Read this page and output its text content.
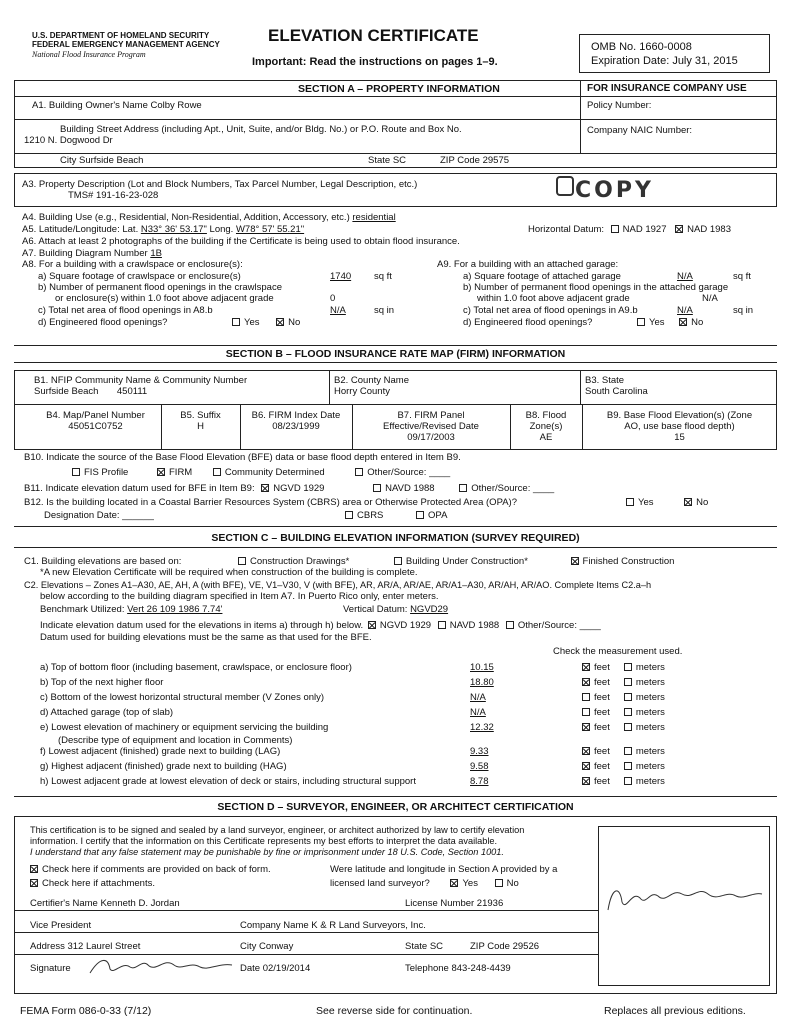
U.S. DEPARTMENT OF HOMELAND SECURITY
FEDERAL EMERGENCY MANAGEMENT AGENCY
National Flood Insurance Program
ELEVATION CERTIFICATE
Important: Read the instructions on pages 1–9.
OMB No. 1660-0008
Expiration Date: July 31, 2015
SECTION A – PROPERTY INFORMATION	FOR INSURANCE COMPANY USE
Policy Number:
Company NAIC Number:
A1. Building Owner's Name Colby Rowe
Building Street Address (including Apt., Unit, Suite, and/or Bldg. No.) or P.O. Route and Box No.
1210 N. Dogwood Dr
City Surfside Beach	State SC	ZIP Code 29575
A3. Property Description (Lot and Block Numbers, Tax Parcel Number, Legal Description, etc.)
TMS# 191-16-23-028	COPY
A4. Building Use (e.g., Residential, Non-Residential, Addition, Accessory, etc.) residential
A5. Latitude/Longitude: Lat. N33° 36' 53.17" Long. W78° 57' 55.21"	Horizontal Datum: NAD 1927 NAD 1983
A6. Attach at least 2 photographs of the building if the Certificate is being used to obtain flood insurance.
A7. Building Diagram Number 1B
A8. For a building with a crawlspace or enclosure(s):
a) Square footage of crawlspace or enclosure(s)	1740 sq ft
b) Number of permanent flood openings in the crawlspace
or enclosure(s) within 1.0 foot above adjacent grade	0
c) Total net area of flood openings in A8.b	N/A	sq in
d) Engineered flood openings?	Yes	No
A9. For a building with an attached garage:
a) Square footage of attached garage	N/A	sq ft
b) Number of permanent flood openings in the attached garage
within 1.0 foot above adjacent grade	N/A
c) Total net area of flood openings in A9.b	N/A	sq in
d) Engineered flood openings?	Yes	No
SECTION B – FLOOD INSURANCE RATE MAP (FIRM) INFORMATION
B1. NFIP Community Name & Community Number
Surfside Beach       450111
B2. County Name
Horry County
B3. State
South Carolina
B4. Map/Panel Number
45051C0752
B5. Suffix
H
B6. FIRM Index Date
08/23/1999
B7. FIRM Panel
Effective/Revised Date
09/17/2003
B8. Flood
Zone(s)
AE
B9. Base Flood Elevation(s) (Zone
AO, use base flood depth)
15
B10. Indicate the source of the Base Flood Elevation (BFE) data or base flood depth entered in Item B9.
FIS Profile	FIRM	Community Determined	Other/Source: ____
B11. Indicate elevation datum used for BFE in Item B9: NGVD 1929	NAVD 1988	Other/Source: ____
B12. Is the building located in a Coastal Barrier Resources System (CBRS) area or Otherwise Protected Area (OPA)?	Yes	No
Designation Date: ______	CBRS	OPA
SECTION C – BUILDING ELEVATION INFORMATION (SURVEY REQUIRED)
C1. Building elevations are based on:	Construction Drawings*	Building Under Construction*	Finished Construction
*A new Elevation Certificate will be required when construction of the building is complete.
C2. Elevations – Zones A1–A30, AE, AH, A (with BFE), VE, V1–V30, V (with BFE), AR, AR/A, AR/AE, AR/A1–A30, AR/AH, AR/AO. Complete Items C2.a–h
below according to the building diagram specified in Item A7. In Puerto Rico only, enter meters.
Benchmark Utilized: Vert 26 109 1986 7.74'	Vertical Datum: NGVD29
Indicate elevation datum used for the elevations in items a) through h) below. NGVD 1929 NAVD 1988 Other/Source: ____
Datum used for building elevations must be the same as that used for the BFE.
Check the measurement used.
a) Top of bottom floor (including basement, crawlspace, or enclosure floor)	10.15	feet	meters
b) Top of the next higher floor	18.80	feet	meters
c) Bottom of the lowest horizontal structural member (V Zones only)	N/A	feet	meters
d) Attached garage (top of slab)	N/A	feet	meters
e) Lowest elevation of machinery or equipment servicing the building	12.32	feet	meters
f) Lowest adjacent (finished) grade next to building (LAG)	9.33	feet	meters
g) Highest adjacent (finished) grade next to building (HAG)	9.58	feet	meters
h) Lowest adjacent grade at lowest elevation of deck or stairs, including structural support	8.78	feet	meters
(Describe type of equipment and location in Comments)
SECTION D – SURVEYOR, ENGINEER, OR ARCHITECT CERTIFICATION
This certification is to be signed and sealed by a land surveyor, engineer, or architect authorized by law to certify elevation
information. I certify that the information on this Certificate represents my best efforts to interpret the data available.
I understand that any false statement may be punishable by fine or imprisonment under 18 U.S. Code, Section 1001.
Check here if comments are provided on back of form.
Check here if attachments.
Were latitude and longitude in Section A provided by a
licensed land surveyor?	Yes	No
Certifier's Name Kenneth D. Jordan	License Number 21936
Vice President	Company Name K & R Land Surveyors, Inc.
Address 312 Laurel Street	City Conway	State SC	ZIP Code 29526
Signature	Date 02/19/2014	Telephone 843-248-4439
FEMA Form 086-0-33 (7/12)	See reverse side for continuation.	Replaces all previous editions.
